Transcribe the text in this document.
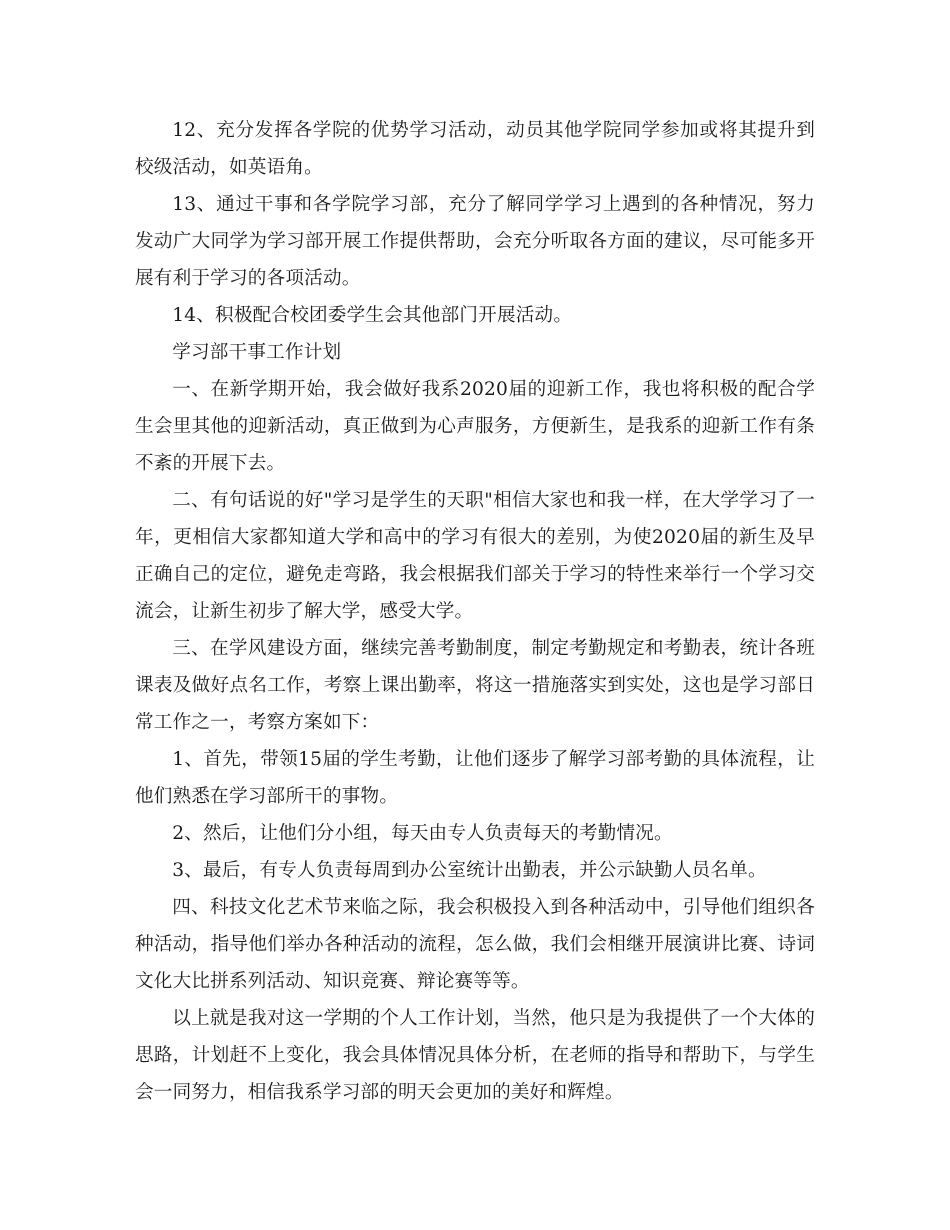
12、充分发挥各学院的优势学习活动，动员其他学院同学参加或将其提升到校级活动，如英语角。

13、通过干事和各学院学习部，充分了解同学学习上遇到的各种情况，努力发动广大同学为学习部开展工作提供帮助，会充分听取各方面的建议，尽可能多开展有利于学习的各项活动。

14、积极配合校团委学生会其他部门开展活动。

学习部干事工作计划

一、在新学期开始，我会做好我系2020届的迎新工作，我也将积极的配合学生会里其他的迎新活动，真正做到为心声服务，方便新生，是我系的迎新工作有条不紊的开展下去。

二、有句话说的好"学习是学生的天职"相信大家也和我一样，在大学学习了一年，更相信大家都知道大学和高中的学习有很大的差别，为使2020届的新生及早正确自己的定位，避免走弯路，我会根据我们部关于学习的特性来举行一个学习交流会，让新生初步了解大学，感受大学。

三、在学风建设方面，继续完善考勤制度，制定考勤规定和考勤表，统计各班课表及做好点名工作，考察上课出勤率，将这一措施落实到实处，这也是学习部日常工作之一，考察方案如下：

1、首先，带领15届的学生考勤，让他们逐步了解学习部考勤的具体流程，让他们熟悉在学习部所干的事物。

2、然后，让他们分小组，每天由专人负责每天的考勤情况。

3、最后，有专人负责每周到办公室统计出勤表，并公示缺勤人员名单。

四、科技文化艺术节来临之际，我会积极投入到各种活动中，引导他们组织各种活动，指导他们举办各种活动的流程，怎么做，我们会相继开展演讲比赛、诗词文化大比拼系列活动、知识竞赛、辩论赛等等。

以上就是我对这一学期的个人工作计划，当然，他只是为我提供了一个大体的思路，计划赶不上变化，我会具体情况具体分析，在老师的指导和帮助下，与学生会一同努力，相信我系学习部的明天会更加的美好和辉煌。
